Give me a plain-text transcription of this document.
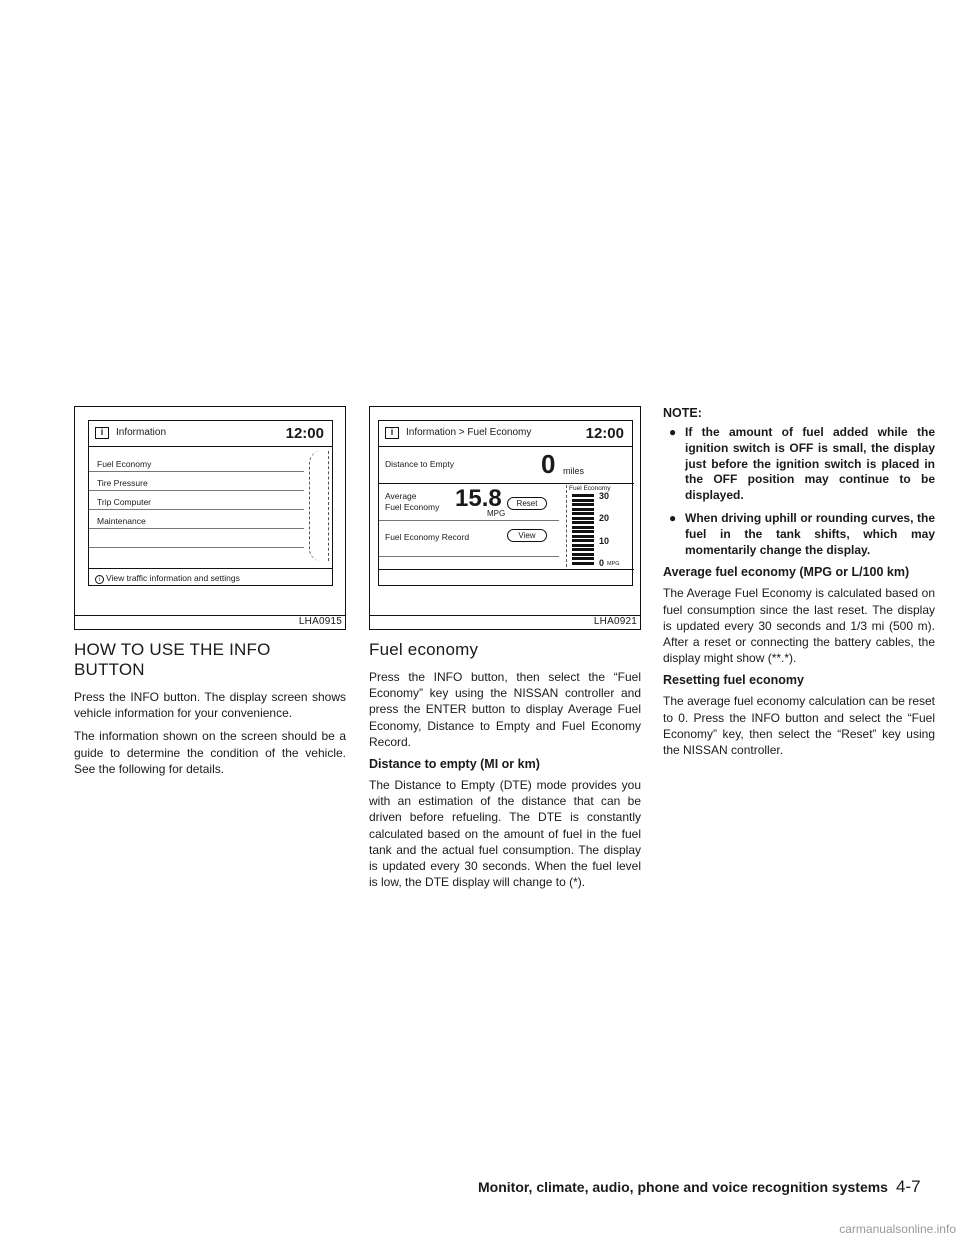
i	Information	12:00
Fuel Economy
Tire Pressure
Trip Computer
Maintenance
i View traffic information and settings
LHA0915
HOW TO USE THE INFO BUTTON

Press the INFO button. The display screen shows vehicle information for your convenience.

The information shown on the screen should be a guide to determine the condition of the vehicle. See the following for details.

i	Information > Fuel Economy	12:00
Distance to Empty	0 miles
Average
Fuel Economy 15.8
MPG
Reset
Fuel Economy Record	View
Fuel Economy
30
20
10
0 MPG
LHA0921
Fuel economy

Press the INFO button, then select the “Fuel Economy” key using the NISSAN controller and press the ENTER button to display Average Fuel Economy, Distance to Empty and Fuel Economy Record.

Distance to empty (MI or km)

The Distance to Empty (DTE) mode provides you with an estimation of the distance that can be driven before refueling. The DTE is constantly calculated based on the amount of fuel in the fuel tank and the actual fuel consumption. The display is updated every 30 seconds. When the fuel level is low, the DTE display will change to (*).

NOTE:
● If the amount of fuel added while the ignition switch is OFF is small, the display just before the ignition switch is placed in the OFF position may continue to be displayed.
● When driving uphill or rounding curves, the fuel in the tank shifts, which may momentarily change the display.
Average fuel economy (MPG or L/100 km)

The Average Fuel Economy is calculated based on fuel consumption since the last reset. The display is updated every 30 seconds and 1/3 mi (500 m). After a reset or connecting the battery cables, the display might show (**.*).

Resetting fuel economy

The average fuel economy calculation can be reset to 0. Press the INFO button and select the “Fuel Economy” key, then select the “Reset” key using the NISSAN controller.

Monitor, climate, audio, phone and voice recognition systems 4-7
carmanualsonline.info
